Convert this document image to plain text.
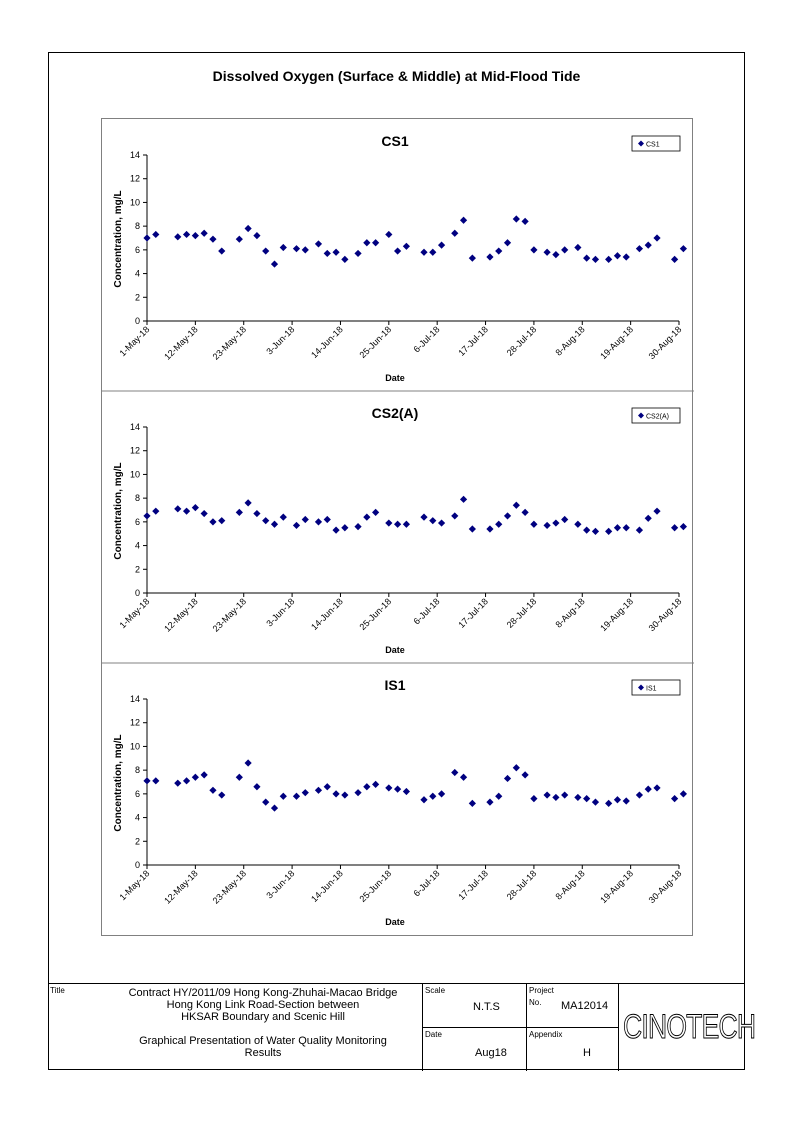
Dissolved Oxygen (Surface & Middle) at Mid-Flood Tide
CS1
0
2
4
6
8
10
12
14
1-May-18 12-May-18 23-May-18 3-Jun-18 14-Jun-18 25-Jun-18 6-Jul-18 17-Jul-18 28-Jul-18 8-Aug-18 19-Aug-18 30-Aug-18
Date
Concentration, mg/L
CS1
CS2(A)
0
2
4
6
8
10
12
14
1-May-18 12-May-18 23-May-18 3-Jun-18 14-Jun-18 25-Jun-18 6-Jul-18 17-Jul-18 28-Jul-18 8-Aug-18 19-Aug-18 30-Aug-18
Date
Concentration, mg/L
CS2(A)
IS1
0
2
4
6
8
10
12
14
1-May-18 12-May-18 23-May-18 3-Jun-18 14-Jun-18 25-Jun-18 6-Jul-18 17-Jul-18 28-Jul-18 8-Aug-18 19-Aug-18 30-Aug-18
Date
Concentration, mg/L
IS1
Title	Contract HY/2011/09 Hong Kong-Zhuhai-Macao Bridge
Hong Kong Link Road-Section between
HKSAR Boundary and Scenic Hill
Graphical Presentation of Water Quality Monitoring
Results
Scale
N.T.S
Date
Aug18
Project
No. MA12014
Appendix
H
CINOTECH
